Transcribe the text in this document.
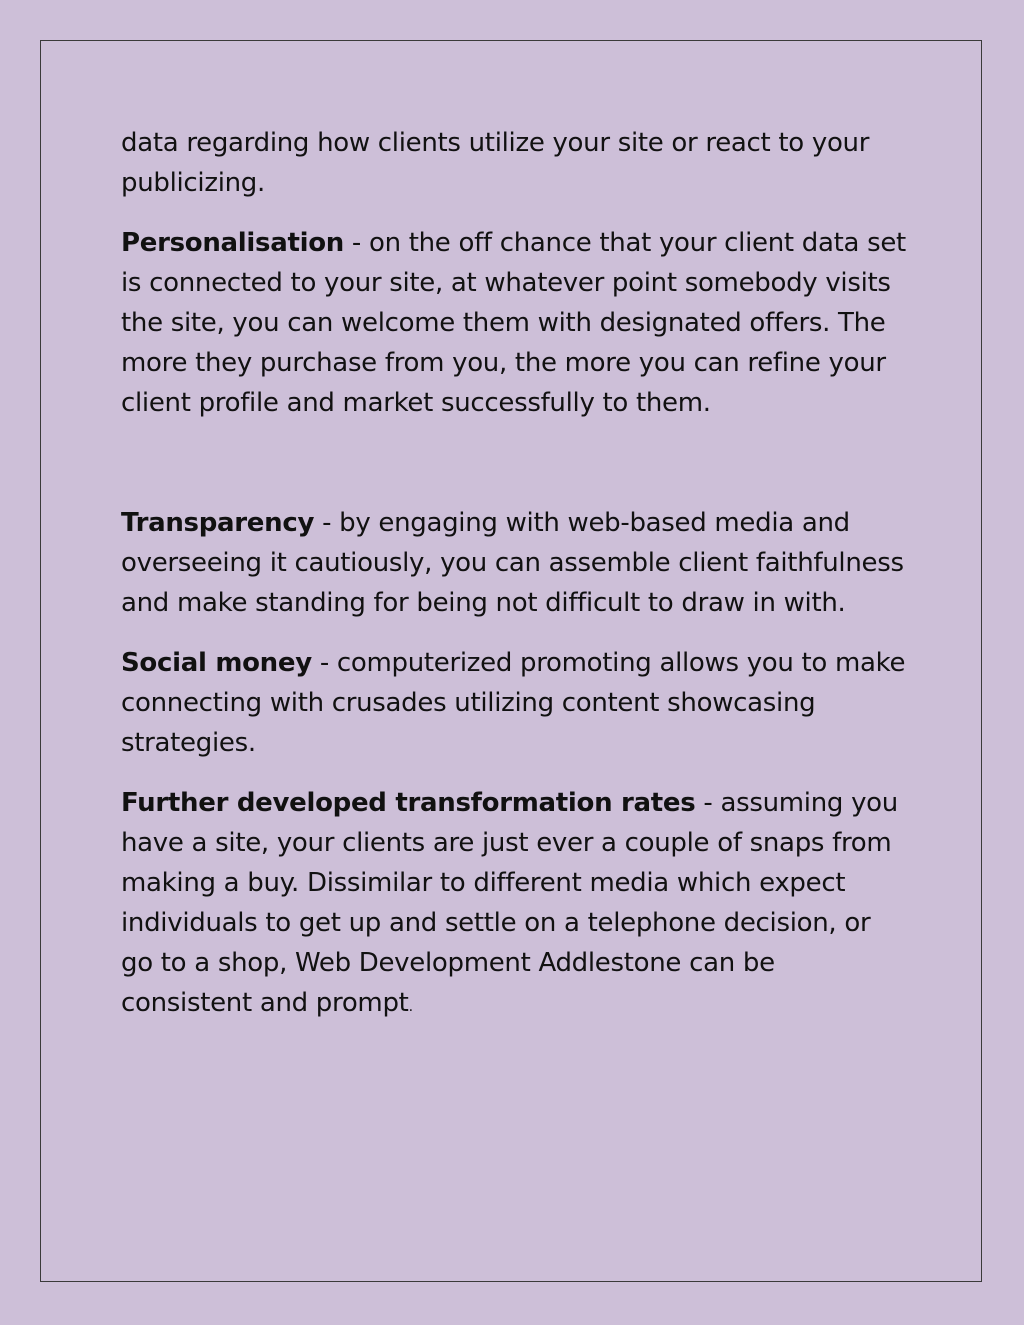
data regarding how clients utilize your site or react to your publicizing.

Personalisation - on the off chance that your client data set is connected to your site, at whatever point somebody visits the site, you can welcome them with designated offers. The more they purchase from you, the more you can refine your client profile and market successfully to them.

Transparency - by engaging with web-based media and overseeing it cautiously, you can assemble client faithfulness and make standing for being not difficult to draw in with.

Social money - computerized promoting allows you to make connecting with crusades utilizing content showcasing strategies.

Further developed transformation rates - assuming you have a site, your clients are just ever a couple of snaps from making a buy. Dissimilar to different media which expect individuals to get up and settle on a telephone decision, or go to a shop, Web Development Addlestone can be consistent and prompt.
